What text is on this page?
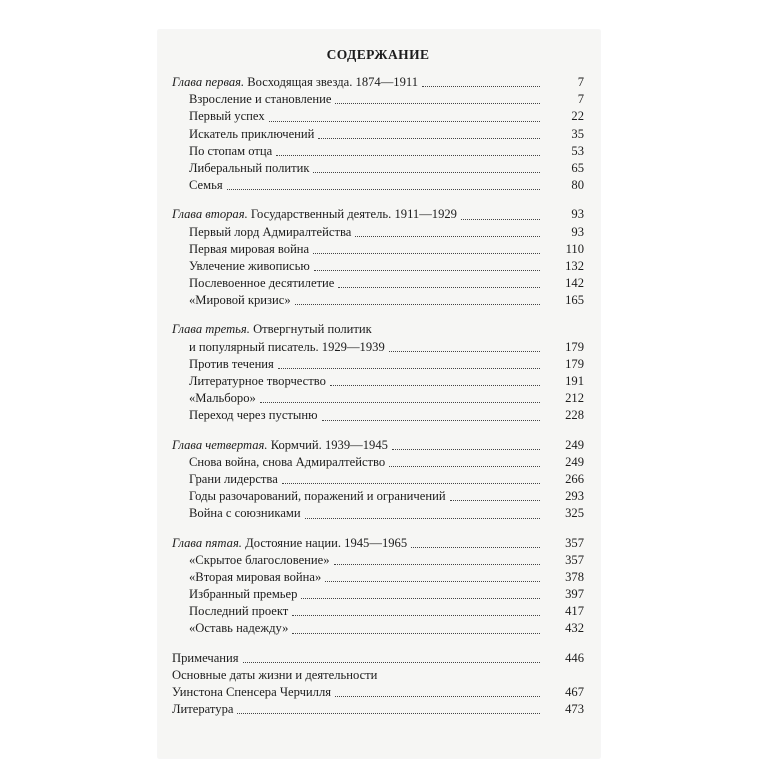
СОДЕРЖАНИЕ
Глава первая. Восходящая звезда. 1874—1911	7
Взросление и становление	7
Первый успех	22
Искатель приключений	35
По стопам отца	53
Либеральный политик	65
Семья	80
Глава вторая. Государственный деятель. 1911—1929	93
Первый лорд Адмиралтейства	93
Первая мировая война	110
Увлечение живописью	132
Послевоенное десятилетие	142
«Мировой кризис»	165
Глава третья. Отвергнутый политик
и популярный писатель. 1929—1939	179
Против течения	179
Литературное творчество	191
«Мальборо»	212
Переход через пустыню	228
Глава четвертая. Кормчий. 1939—1945	249
Снова война, снова Адмиралтейство	249
Грани лидерства	266
Годы разочарований, поражений и ограничений	293
Война с союзниками	325
Глава пятая. Достояние нации. 1945—1965	357
«Скрытое благословение»	357
«Вторая мировая война»	378
Избранный премьер	397
Последний проект	417
«Оставь надежду»	432
Примечания	446
Основные даты жизни и деятельности
Уинстона Спенсера Черчилля	467
Литература	473
